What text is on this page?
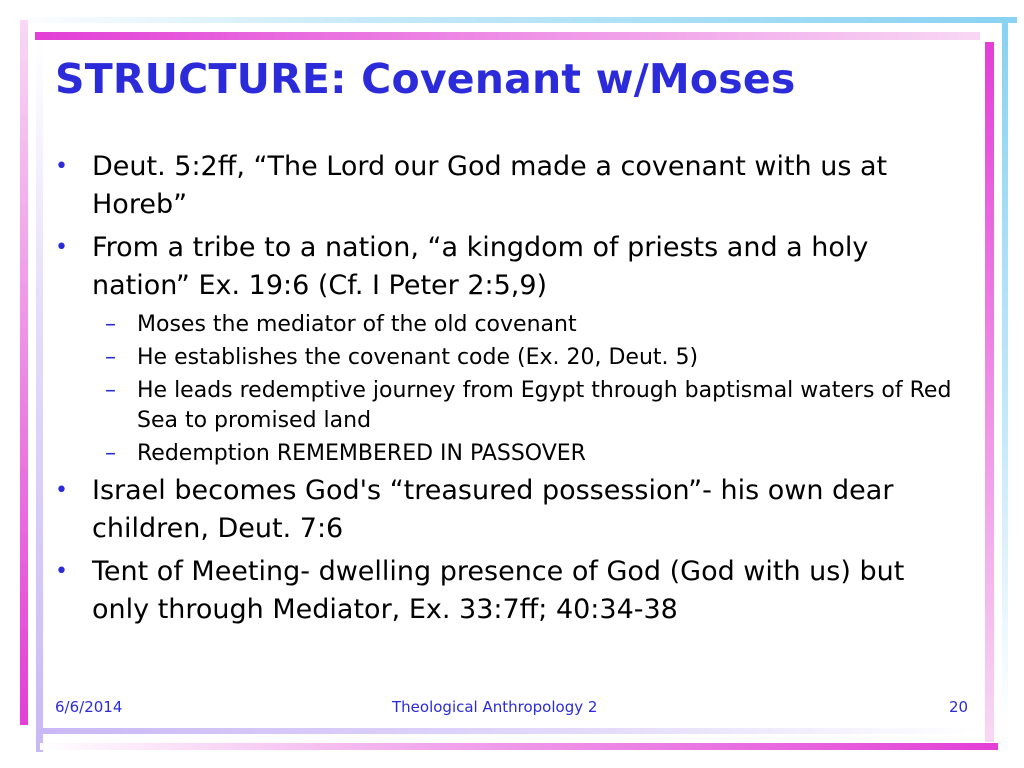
STRUCTURE: Covenant w/Moses
• Deut. 5:2ff, “The Lord our God made a covenant with us at Horeb”
• From a tribe to a nation, “a kingdom of priests and a holy nation” Ex. 19:6 (Cf. I Peter 2:5,9)
– Moses the mediator of the old covenant
– He establishes the covenant code (Ex. 20, Deut. 5)
– He leads redemptive journey from Egypt through baptismal waters of Red Sea to promised land
– Redemption REMEMBERED IN PASSOVER
• Israel becomes God's “treasured possession”- his own dear children, Deut. 7:6
• Tent of Meeting- dwelling presence of God (God with us) but only through Mediator, Ex. 33:7ff; 40:34-38
6/6/2014	Theological Anthropology 2	20
